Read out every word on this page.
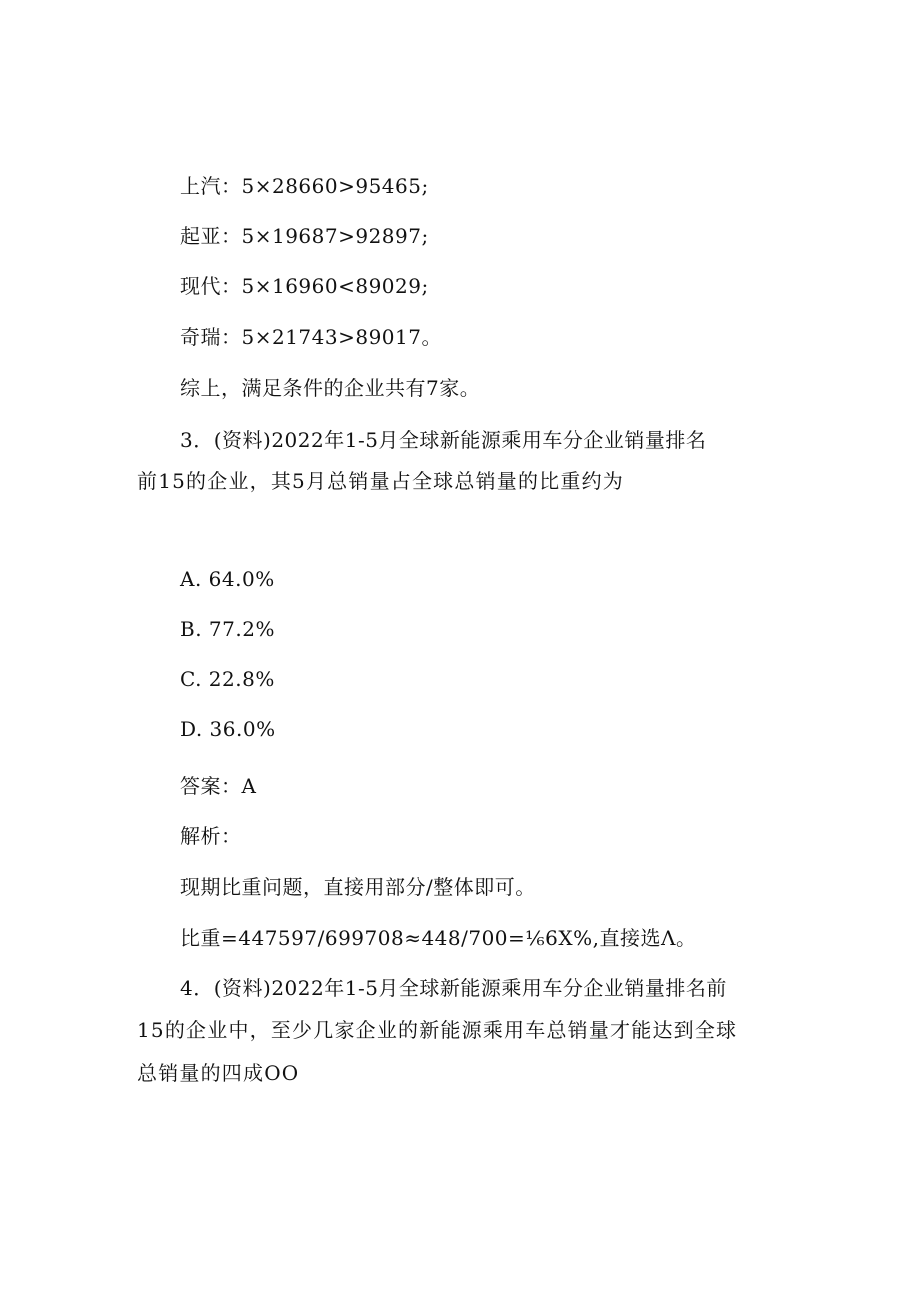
上汽：5×28660>95465;
起亚：5×19687>92897;
现代：5×16960<89029;
奇瑞：5×21743>89017。
综上，满足条件的企业共有7家。
3．(资料)2022年1-5月全球新能源乘用车分企业销量排名
前15的企业，其5月总销量占全球总销量的比重约为
A. 64.0%
B. 77.2%
C. 22.8%
D. 36.0%
答案：A
解析：
现期比重问题，直接用部分/整体即可。
比重=447597/699708≈448/700=⅙6X%,直接选Λ。
4．(资料)2022年1-5月全球新能源乘用车分企业销量排名前
15的企业中，至少几家企业的新能源乘用车总销量才能达到全球
总销量的四成OO
